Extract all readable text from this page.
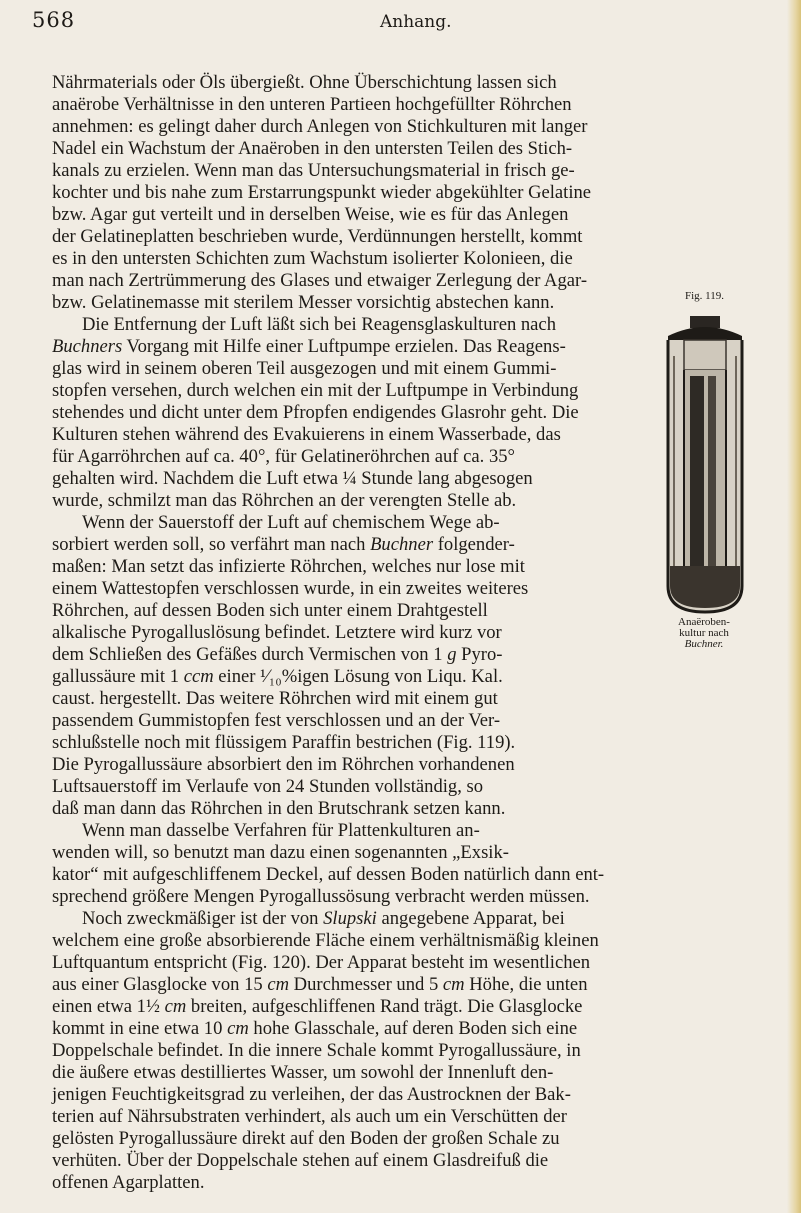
568	Anhang.
Nährmaterials oder Öls übergießt. Ohne Überschichtung lassen sich
anaërobe Verhältnisse in den unteren Partieen hochgefüllter Röhrchen
annehmen: es gelingt daher durch Anlegen von Stichkulturen mit langer
Nadel ein Wachstum der Anaëroben in den untersten Teilen des Stich-
kanals zu erzielen. Wenn man das Untersuchungsmaterial in frisch ge-
kochter und bis nahe zum Erstarrungspunkt wieder abgekühlter Gelatine
bzw. Agar gut verteilt und in derselben Weise, wie es für das Anlegen
der Gelatineplatten beschrieben wurde, Verdünnungen herstellt, kommt
es in den untersten Schichten zum Wachstum isolierter Kolonieen, die
man nach Zertrümmerung des Glases und etwaiger Zerlegung der Agar-
bzw. Gelatinemasse mit sterilem Messer vorsichtig abstechen kann.
Die Entfernung der Luft läßt sich bei Reagensglaskulturen nach
Buchners Vorgang mit Hilfe einer Luftpumpe erzielen. Das Reagens-
glas wird in seinem oberen Teil ausgezogen und mit einem Gummi-
stopfen versehen, durch welchen ein mit der Luftpumpe in Verbindung
stehendes und dicht unter dem Pfropfen endigendes Glasrohr geht. Die
Kulturen stehen während des Evakuierens in einem Wasserbade, das
für Agarröhrchen auf ca. 40°, für Gelatineröhrchen auf ca. 35°
gehalten wird. Nachdem die Luft etwa ¼ Stunde lang abgesogen
wurde, schmilzt man das Röhrchen an der verengten Stelle ab.
Wenn der Sauerstoff der Luft auf chemischem Wege ab-
sorbiert werden soll, so verfährt man nach Buchner folgender-
maßen: Man setzt das infizierte Röhrchen, welches nur lose mit
einem Wattestopfen verschlossen wurde, in ein zweites weiteres
Röhrchen, auf dessen Boden sich unter einem Drahtgestell
alkalische Pyrogalluslösung befindet. Letztere wird kurz vor
dem Schließen des Gefäßes durch Vermischen von 1 g Pyro-
gallussäure mit 1 ccm einer ¹⁄₁₀%igen Lösung von Liqu. Kal.
caust. hergestellt. Das weitere Röhrchen wird mit einem gut
passendem Gummistopfen fest verschlossen und an der Ver-
schlußstelle noch mit flüssigem Paraffin bestrichen (Fig. 119).
Die Pyrogallussäure absorbiert den im Röhrchen vorhandenen
Luftsauerstoff im Verlaufe von 24 Stunden vollständig, so
daß man dann das Röhrchen in den Brutschrank setzen kann.
Wenn man dasselbe Verfahren für Plattenkulturen an-
wenden will, so benutzt man dazu einen sogenannten „Exsik-
kator“ mit aufgeschliffenem Deckel, auf dessen Boden natürlich dann ent-
sprechend größere Mengen Pyrogallussösung verbracht werden müssen.
Noch zweckmäßiger ist der von Slupski angegebene Apparat, bei
welchem eine große absorbierende Fläche einem verhältnismäßig kleinen
Luftquantum entspricht (Fig. 120). Der Apparat besteht im wesentlichen
aus einer Glasglocke von 15 cm Durchmesser und 5 cm Höhe, die unten
einen etwa 1½ cm breiten, aufgeschliffenen Rand trägt. Die Glasglocke
kommt in eine etwa 10 cm hohe Glasschale, auf deren Boden sich eine
Doppelschale befindet. In die innere Schale kommt Pyrogallussäure, in
die äußere etwas destilliertes Wasser, um sowohl der Innenluft den-
jenigen Feuchtigkeitsgrad zu verleihen, der das Austrocknen der Bak-
terien auf Nährsubstraten verhindert, als auch um ein Verschütten der
gelösten Pyrogallussäure direkt auf den Boden der großen Schale zu
verhüten. Über der Doppelschale stehen auf einem Glasdreifuß die
offenen Agarplatten.
Fig. 119.
Anaëroben-
kultur nach
Buchner.
